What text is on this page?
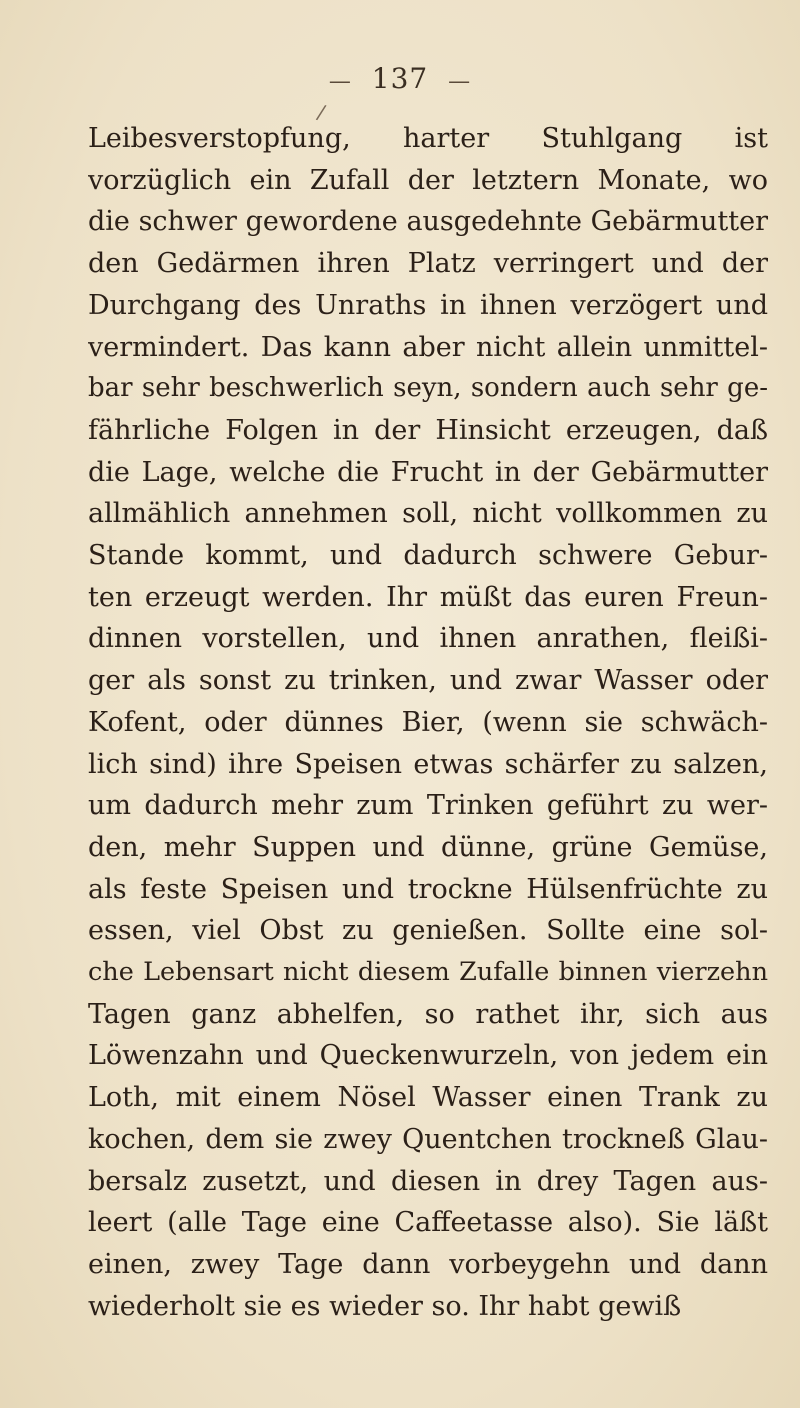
— 137 —
/
Leibesverstopfung, harter Stuhlgang ist
vorzüglich ein Zufall der letztern Monate, wo
die schwer gewordene ausgedehnte Gebärmutter
den Gedärmen ihren Platz verringert und der
Durchgang des Unraths in ihnen verzögert und
vermindert. Das kann aber nicht allein unmittel-
bar sehr beschwerlich seyn, sondern auch sehr ge-
fährliche Folgen in der Hinsicht erzeugen, daß
die Lage, welche die Frucht in der Gebärmutter
allmählich annehmen soll, nicht vollkommen zu
Stande kommt, und dadurch schwere Gebur-
ten erzeugt werden. Ihr müßt das euren Freun-
dinnen vorstellen, und ihnen anrathen, fleißi-
ger als sonst zu trinken, und zwar Wasser oder
Kofent, oder dünnes Bier, (wenn sie schwäch-
lich sind) ihre Speisen etwas schärfer zu salzen,
um dadurch mehr zum Trinken geführt zu wer-
den, mehr Suppen und dünne, grüne Gemüse,
als feste Speisen und trockne Hülsenfrüchte zu
essen, viel Obst zu genießen. Sollte eine sol-
che Lebensart nicht diesem Zufalle binnen vierzehn
Tagen ganz abhelfen, so rathet ihr, sich aus
Löwenzahn und Queckenwurzeln, von jedem ein
Loth, mit einem Nösel Wasser einen Trank zu
kochen, dem sie zwey Quentchen trockneß Glau-
bersalz zusetzt, und diesen in drey Tagen aus-
leert (alle Tage eine Caffeetasse also). Sie läßt
einen, zwey Tage dann vorbeygehn und dann
wiederholt sie es wieder so. Ihr habt gewiß
